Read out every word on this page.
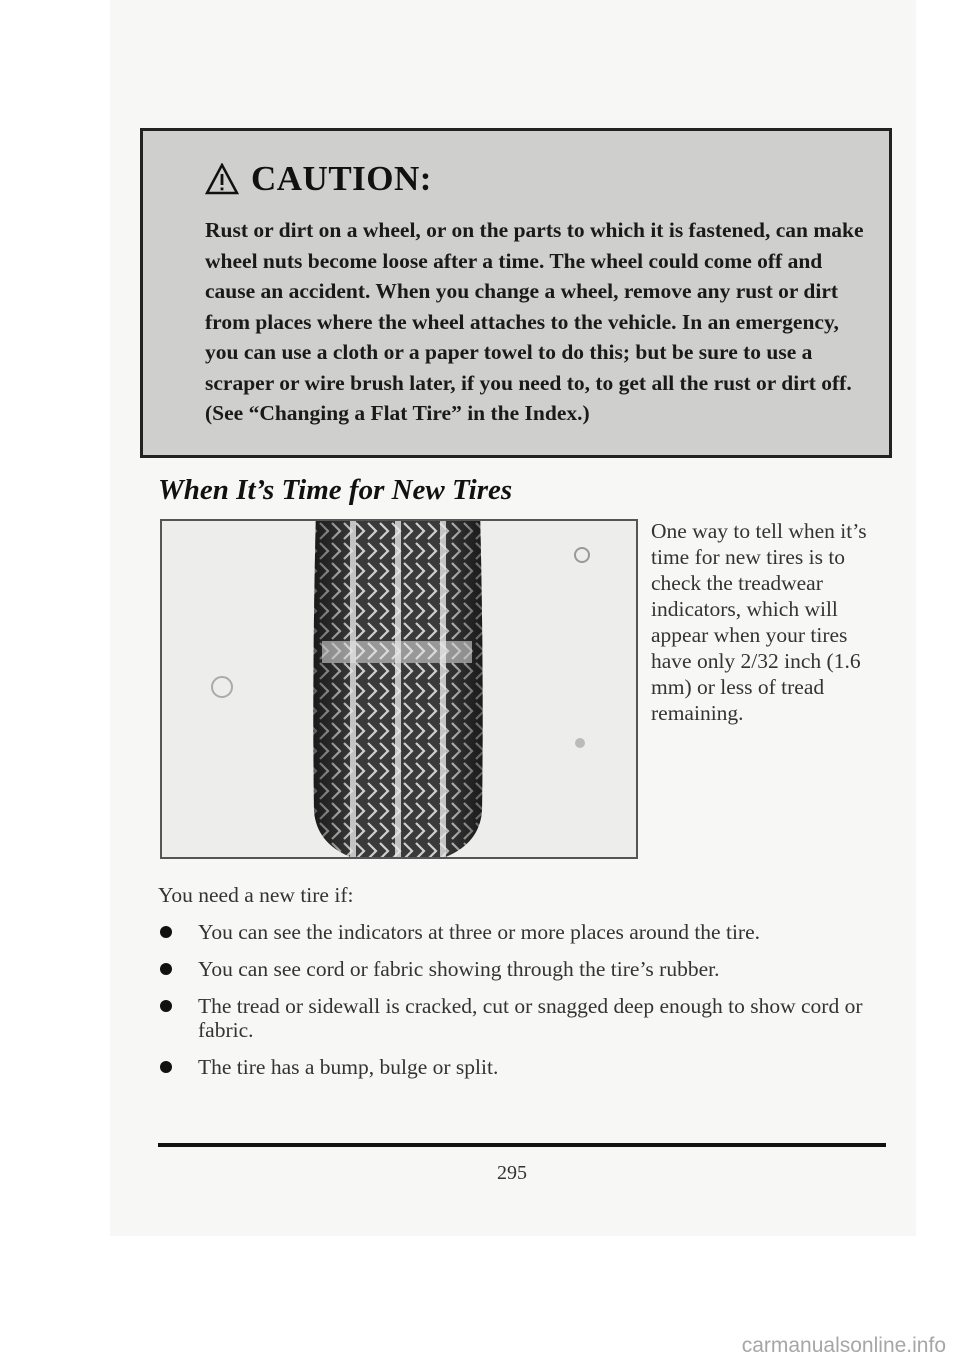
CAUTION:
Rust or dirt on a wheel, or on the parts to which it is fastened, can make wheel nuts become loose after a time. The wheel could come off and cause an accident. When you change a wheel, remove any rust or dirt from places where the wheel attaches to the vehicle. In an emergency, you can use a cloth or a paper towel to do this; but be sure to use a scraper or wire brush later, if you need to, to get all the rust or dirt off. (See “Changing a Flat Tire” in the Index.)
When It’s Time for New Tires
One way to tell when it’s time for new tires is to check the treadwear indicators, which will appear when your tires have only 2/32 inch (1.6 mm) or less of tread remaining.
You need a new tire if:
You can see the indicators at three or more places around the tire.
You can see cord or fabric showing through the tire’s rubber.
The tread or sidewall is cracked, cut or snagged deep enough to show cord or fabric.
The tire has a bump, bulge or split.
295
carmanualsonline.info
